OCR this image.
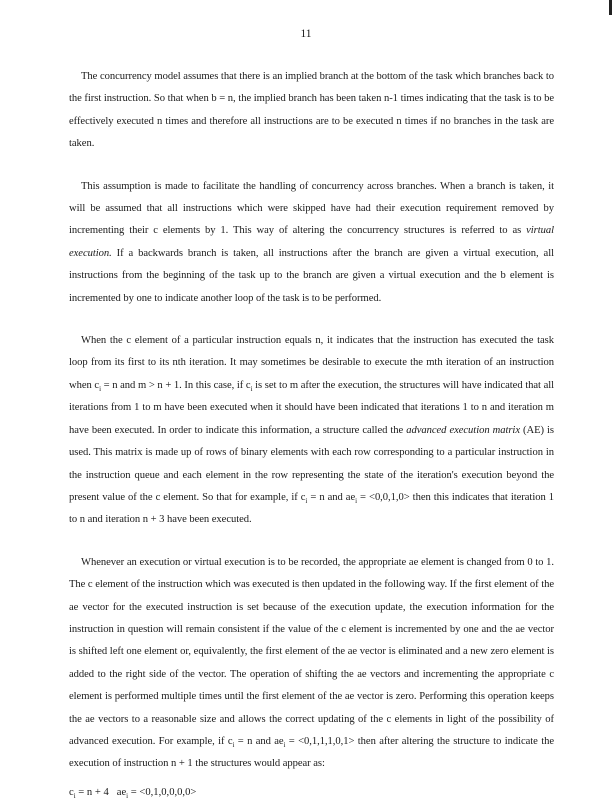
11

The concurrency model assumes that there is an implied branch at the bottom of the task which branches back to the first instruction. So that when b = n, the implied branch has been taken n-1 times indicating that the task is to be effectively executed n times and therefore all instructions are to be executed n times if no branches in the task are taken.

This assumption is made to facilitate the handling of concurrency across branches. When a branch is taken, it will be assumed that all instructions which were skipped have had their execution requirement removed by incrementing their c elements by 1. This way of altering the concurrency structures is referred to as virtual execution. If a backwards branch is taken, all instructions after the branch are given a virtual execution, all instructions from the beginning of the task up to the branch are given a virtual execution and the b element is incremented by one to indicate another loop of the task is to be performed.

When the c element of a particular instruction equals n, it indicates that the instruction has executed the task loop from its first to its nth iteration. It may sometimes be desirable to execute the mth iteration of an instruction when $c_i = n$ and m > n + 1. In this case, if $c_i$ is set to m after the execution, the structures will have indicated that all iterations from 1 to m have been executed when it should have been indicated that iterations 1 to n and iteration m have been executed. In order to indicate this information, a structure called the advanced execution matrix (AE) is used. This matrix is made up of rows of binary elements with each row corresponding to a particular instruction in the instruction queue and each element in the row representing the state of the iteration's execution beyond the present value of the c element. So that for example, if $c_i = n$ and $ae_i = <0,0,1,0>$ then this indicates that iteration 1 to n and iteration n + 3 have been executed.

Whenever an execution or virtual execution is to be recorded, the appropriate ae element is changed from 0 to 1. The c element of the instruction which was executed is then updated in the following way. If the first element of the ae vector for the executed instruction is set because of the execution update, the execution information for the instruction in question will remain consistent if the value of the c element is incremented by one and the ae vector is shifted left one element or, equivalently, the first element of the ae vector is eliminated and a new zero element is added to the right side of the vector. The operation of shifting the ae vectors and incrementing the appropriate c element is performed multiple times until the first element of the ae vector is zero. Performing this operation keeps the ae vectors to a reasonable size and allows the correct updating of the c elements in light of the possibility of advanced execution. For example, if $c_i = n$ and $ae_i = <0,1,1,1,0,1>$ then after altering the structure to indicate the execution of instruction n + 1 the structures would appear as:

$c_i = n + 4$ $ae_i = <0,1,0,0,0,0>$
